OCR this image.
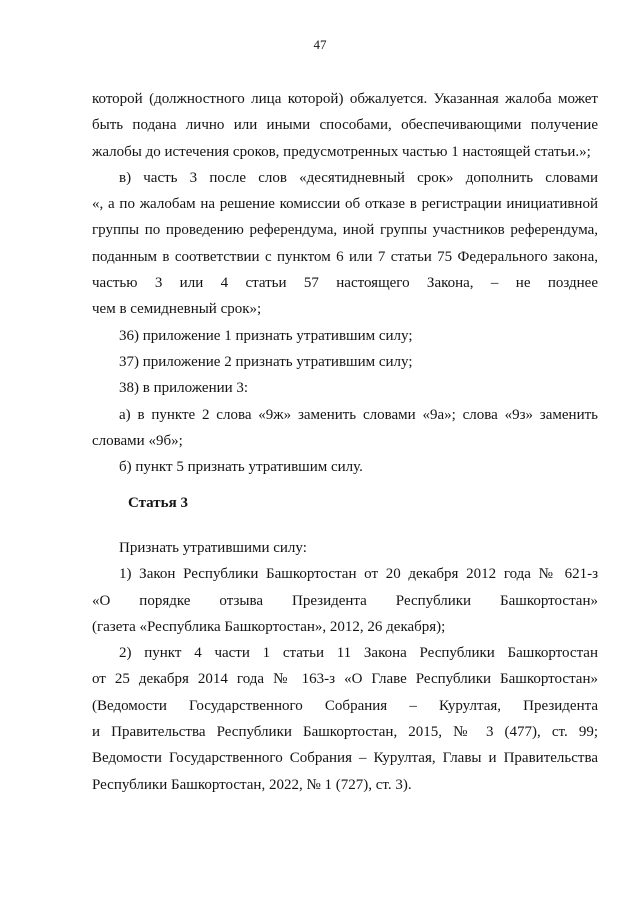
47
которой (должностного лица которой) обжалуется. Указанная жалоба может
быть подана лично или иными способами, обеспечивающими получение
жалобы до истечения сроков, предусмотренных частью 1 настоящей статьи.»;
в) часть 3 после слов «десятидневный срок» дополнить словами
«, а по жалобам на решение комиссии об отказе в регистрации инициативной
группы по проведению референдума, иной группы участников референдума,
поданным в соответствии с пунктом 6 или 7 статьи 75 Федерального закона,
частью 3 или 4 статьи 57 настоящего Закона, – не позднее
чем в семидневный срок»;
36) приложение 1 признать утратившим силу;
37) приложение 2 признать утратившим силу;
38) в приложении 3:
а) в пункте 2 слова «9ж» заменить словами «9а»; слова «9з» заменить
словами «9б»;
б) пункт 5 признать утратившим силу.
Статья 3
Признать утратившими силу:
1) Закон Республики Башкортостан от 20 декабря 2012 года № 621-з
«О порядке отзыва Президента Республики Башкортостан»
(газета «Республика Башкортостан», 2012, 26 декабря);
2) пункт 4 части 1 статьи 11 Закона Республики Башкортостан
от 25 декабря 2014 года № 163-з «О Главе Республики Башкортостан»
(Ведомости Государственного Собрания – Курултая, Президента
и Правительства Республики Башкортостан, 2015, № 3 (477), ст. 99;
Ведомости Государственного Собрания – Курултая, Главы и Правительства
Республики Башкортостан, 2022, № 1 (727), ст. 3).
